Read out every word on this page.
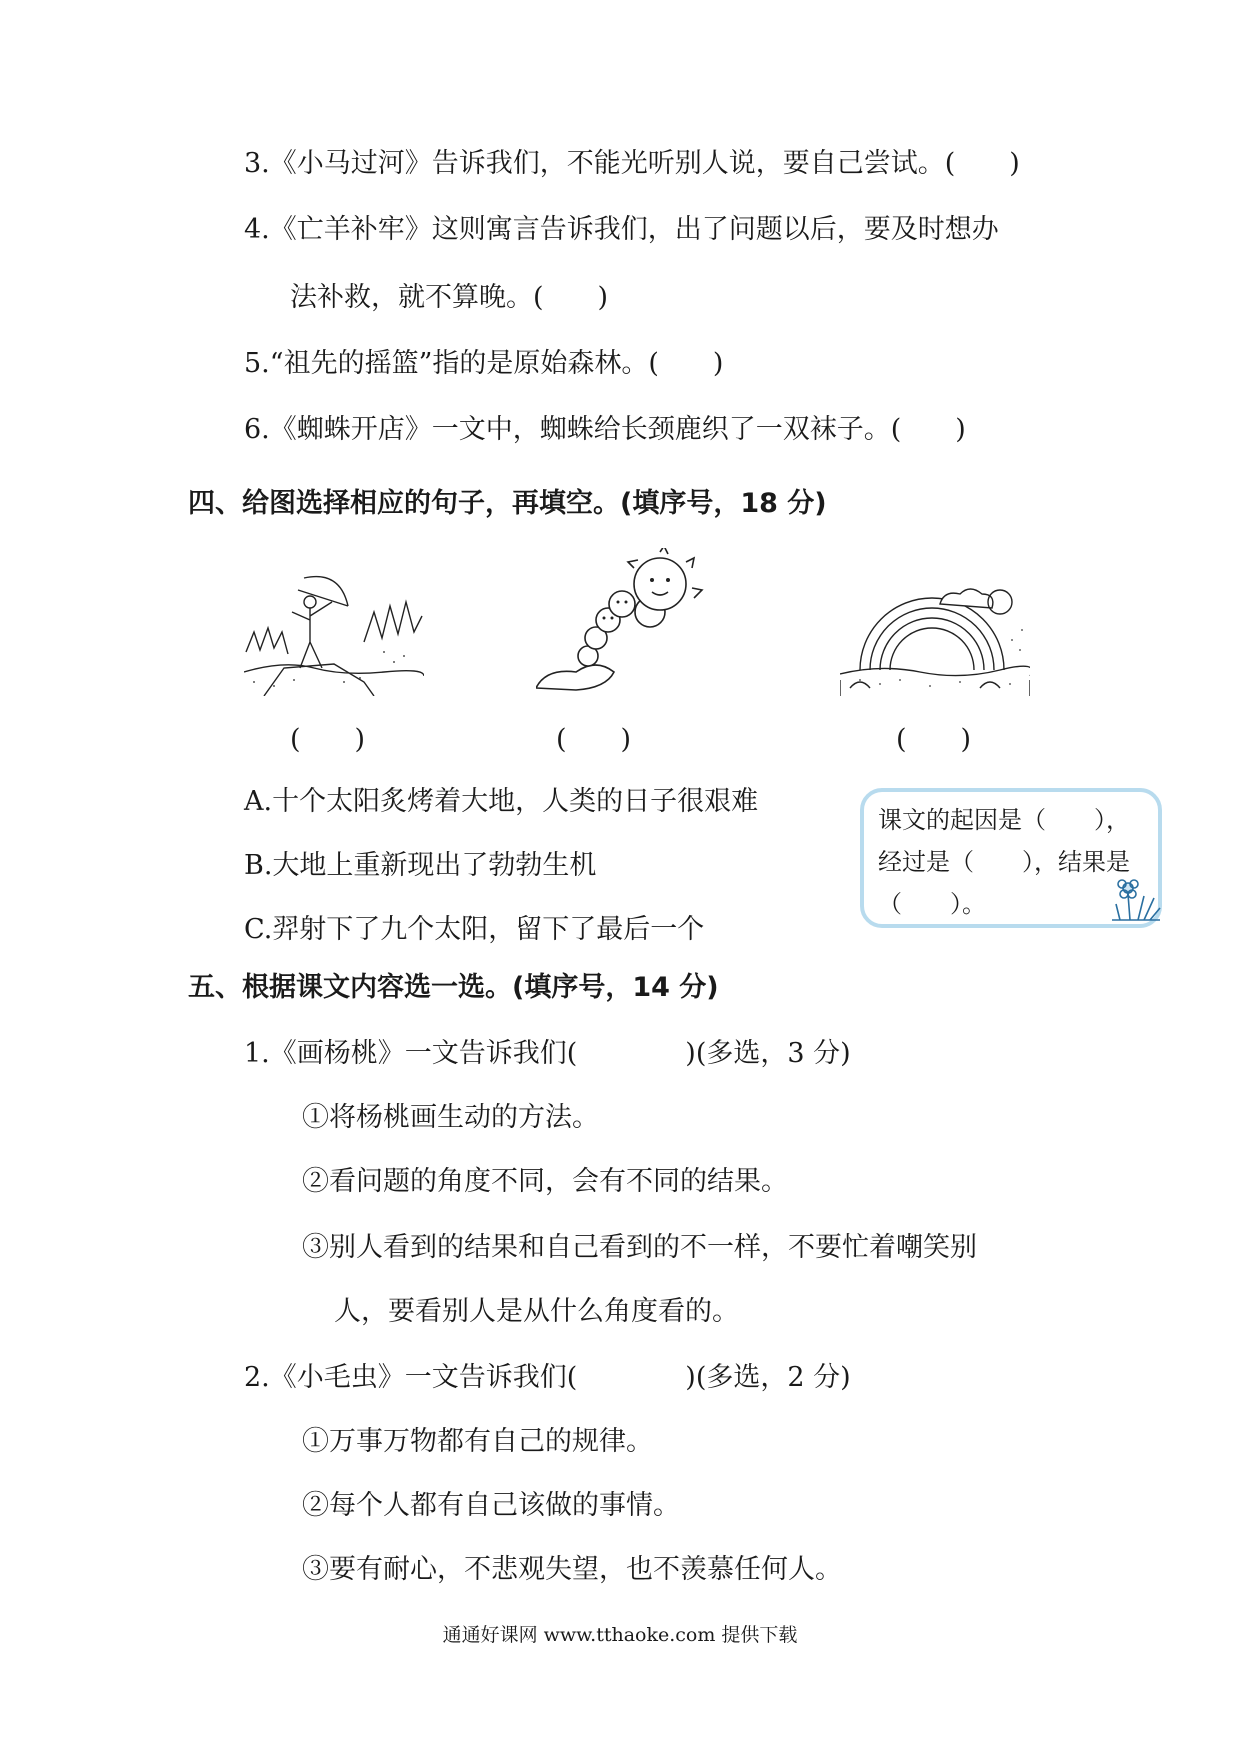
3.《小马过河》告诉我们，不能光听别人说，要自己尝试。(　　)
4.《亡羊补牢》这则寓言告诉我们，出了问题以后，要及时想办
法补救，就不算晚。(　　)
5.“祖先的摇篮”指的是原始森林。(　　)
6.《蜘蛛开店》一文中，蜘蛛给长颈鹿织了一双袜子。(　　)
四、给图选择相应的句子，再填空。(填序号，18 分)
(　　)	(　　)	(　　)
A.十个太阳炙烤着大地，人类的日子很艰难
B.大地上重新现出了勃勃生机
C.羿射下了九个太阳，留下了最后一个
课文的起因是（　　），
经过是（　　），结果是
（　　）。
五、根据课文内容选一选。(填序号，14 分)
1.《画杨桃》一文告诉我们(　　　　)(多选，3 分)
①将杨桃画生动的方法。
②看问题的角度不同，会有不同的结果。
③别人看到的结果和自己看到的不一样，不要忙着嘲笑别
人，要看别人是从什么角度看的。
2.《小毛虫》一文告诉我们(　　　　)(多选，2 分)
①万事万物都有自己的规律。
②每个人都有自己该做的事情。
③要有耐心，不悲观失望，也不羡慕任何人。
通通好课网 www.tthaoke.com 提供下载
